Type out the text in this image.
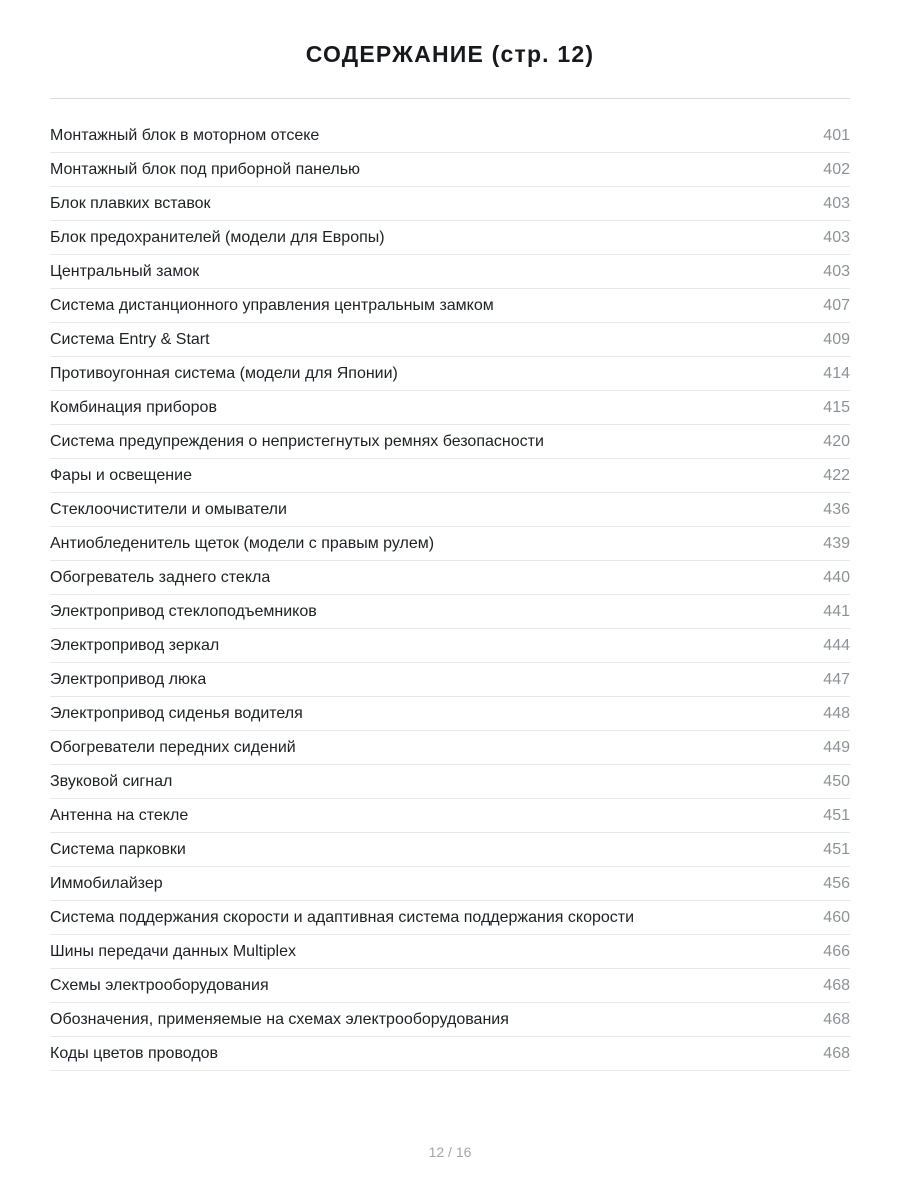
СОДЕРЖАНИЕ (стр. 12)
Монтажный блок в моторном отсеке	401
Монтажный блок под приборной панелью	402
Блок плавких вставок	403
Блок предохранителей (модели для Европы)	403
Центральный замок	403
Система дистанционного управления центральным замком	407
Система Entry & Start	409
Противоугонная система (модели для Японии)	414
Комбинация приборов	415
Система предупреждения о непристегнутых ремнях безопасности	420
Фары и освещение	422
Стеклоочистители и омыватели	436
Антиобледенитель щеток (модели с правым рулем)	439
Обогреватель заднего стекла	440
Электропривод стеклоподъемников	441
Электропривод зеркал	444
Электропривод люка	447
Электропривод сиденья водителя	448
Обогреватели передних сидений	449
Звуковой сигнал	450
Антенна на стекле	451
Система парковки	451
Иммобилайзер	456
Система поддержания скорости и адаптивная система поддержания скорости	460
Шины передачи данных Multiplex	466
Схемы электрооборудования	468
Обозначения, применяемые на схемах электрооборудования	468
Коды цветов проводов	468
12 / 16
